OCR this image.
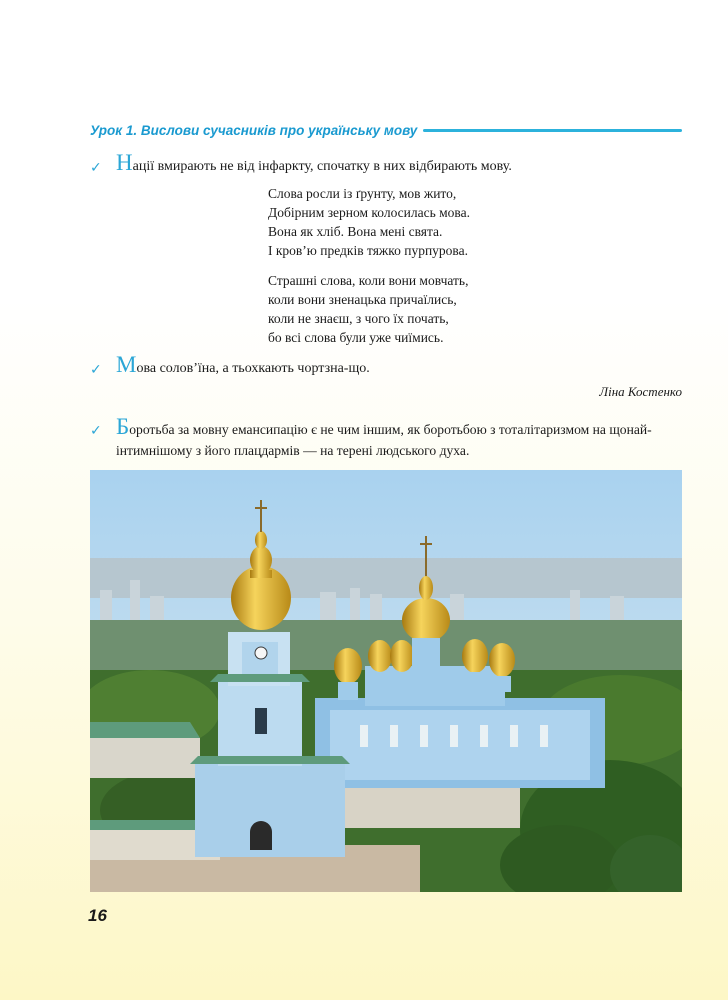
Урок 1. Вислови сучасників про українську мову
✓ Нації вмирають не від інфаркту, спочатку в них відбирають мову.
Слова росли із ґрунту, мов жито,
Добірним зерном колосилась мова.
Вона як хліб. Вона мені свята.
І кров’ю предків тяжко пурпурова.
Страшні слова, коли вони мовчать,
коли вони зненацька причаїлись,
коли не знаєш, з чого їх почать,
бо всі слова були уже чиїмись.
✓ Мова солов’їна, а тьохкають чортзна-що.
Ліна Костенко
✓ Боротьба за мовну емансипацію є не чим іншим, як боротьбою з тоталітаризмом на щонай-
інтимнішому з його плацдармів — на терені людського духа.
16
